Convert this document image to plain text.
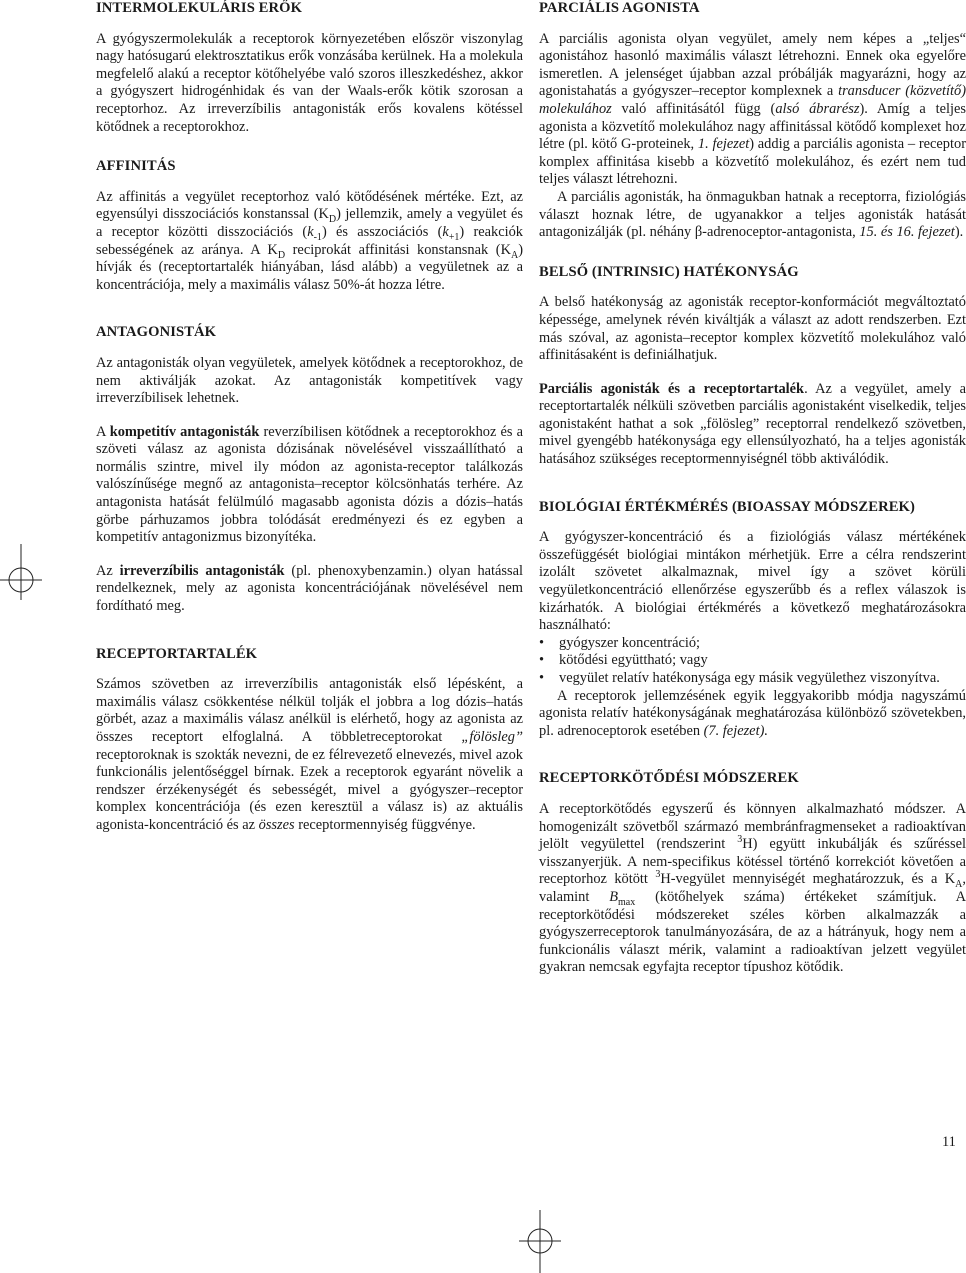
INTERMOLEKULÁRIS ERŐK

A gyógyszermolekulák a receptorok környezetében először viszonylag nagy hatósugarú elektrosztatikus erők vonzásába kerülnek. Ha a molekula megfelelő alakú a receptor kötőhelyébe való szoros illeszkedéshez, akkor a gyógyszert hidrogénhidak és van der Waals-erők kötik szorosan a receptorhoz. Az irreverzíbilis antagonisták erős kovalens kötéssel kötődnek a receptorokhoz.

AFFINITÁS

Az affinitás a vegyület receptorhoz való kötődésének mértéke. Ezt, az egyensúlyi disszociációs konstanssal $(K_D)$ jellemzik, amely a vegyület és a receptor közötti disszociációs $(k_{-1})$ és asszociációs $(k_{+1})$ reakciók sebességének az aránya. A $K_D$ reciprokát affinitási konstansnak $(K_A)$ hívják és (receptortartalék hiányában, lásd alább) a vegyületnek az a koncentrációja, mely a maximális válasz 50%-át hozza létre.

ANTAGONISTÁK

Az antagonisták olyan vegyületek, amelyek kötődnek a receptorokhoz, de nem aktiválják azokat. Az antagonisták kompetitívek vagy irreverzíbilisek lehetnek.

A kompetitív antagonisták reverzíbilisen kötődnek a receptorokhoz és a szöveti válasz az agonista dózisának növelésével visszaállítható a normális szintre, mivel ily módon az agonista-receptor találkozás valószínűsége megnő az antagonista–receptor kölcsönhatás terhére. Az antagonista hatását felülmúló magasabb agonista dózis a dózis–hatás görbe párhuzamos jobbra tolódását eredményezi és ez egyben a kompetitív antagonizmus bizonyítéka.

Az irreverzíbilis antagonisták (pl. phenoxybenzamin.) olyan hatással rendelkeznek, mely az agonista koncentrációjának növelésével nem fordítható meg.

RECEPTORTARTALÉK

Számos szövetben az irreverzíbilis antagonisták első lépésként, a maximális válasz csökkentése nélkül tolják el jobbra a log dózis–hatás görbét, azaz a maximális válasz anélkül is elérhető, hogy az agonista az összes receptort elfoglalná. A többletreceptorokat „fölösleg” receptoroknak is szokták nevezni, de ez félrevezető elnevezés, mivel azok funkcionális jelentőséggel bírnak. Ezek a receptorok egyaránt növelik a rendszer érzékenységét és sebességét, mivel a gyógyszer–receptor komplex koncentrációja (és ezen keresztül a válasz is) az aktuális agonista-koncentráció és az összes receptormennyiség függvénye.

PARCIÁLIS AGONISTA

A parciális agonista olyan vegyület, amely nem képes a „teljes“ agonistához hasonló maximális választ létrehozni. Ennek oka egyelőre ismeretlen. A jelenséget újabban azzal próbálják magyarázni, hogy az agonistahatás a gyógyszer–receptor komplexnek a transducer (közvetítő) molekulához való affinitásától függ (alsó ábrarész). Amíg a teljes agonista a közvetítő molekulához nagy affinitással kötődő komplexet hoz létre (pl. kötő G-proteinek, 1. fejezet) addig a parciális agonista – receptor komplex affinitása kisebb a közvetítő molekulához, és ezért nem tud teljes választ létrehozni.

A parciális agonisták, ha önmagukban hatnak a receptorra, fiziológiás választ hoznak létre, de ugyanakkor a teljes agonisták hatását antagonizálják (pl. néhány β-adrenoceptor-antagonista, 15. és 16. fejezet).

BELSŐ (INTRINSIC) HATÉKONYSÁG

A belső hatékonyság az agonisták receptor-konformációt megváltoztató képessége, amelynek révén kiváltják a választ az adott rendszerben. Ezt más szóval, az agonista–receptor komplex közvetítő molekulához való affinitásaként is definiálhatjuk.

Parciális agonisták és a receptortartalék. Az a vegyület, amely a receptortartalék nélküli szövetben parciális agonistaként viselkedik, teljes agonistaként hathat a sok „fölösleg” receptorral rendelkező szövetben, mivel gyengébb hatékonysága egy ellensúlyozható, ha a teljes agonisták hatásához szükséges receptormennyiségnél több aktiválódik.

BIOLÓGIAI ÉRTÉKMÉRÉS (BIOASSAY MÓDSZEREK)

A gyógyszer-koncentráció és a fiziológiás válasz mértékének összefüggését biológiai mintákon mérhetjük. Erre a célra rendszerint izolált szövetet alkalmaznak, mivel így a szövet körüli vegyületkoncentráció ellenőrzése egyszerűbb és a reflex válaszok is kizárhatók. A biológiai értékmérés a következő meghatározásokra használható:

• gyógyszer koncentráció;
• kötődési együttható; vagy
• vegyület relatív hatékonysága egy másik vegyülethez viszonyítva.

A receptorok jellemzésének egyik leggyakoribb módja nagyszámú agonista relatív hatékonyságának meghatározása különböző szövetekben, pl. adrenoceptorok esetében (7. fejezet).

RECEPTORKÖTŐDÉSI MÓDSZEREK

A receptorkötődés egyszerű és könnyen alkalmazható módszer. A homogenizált szövetből származó membránfragmenseket a radioaktívan jelölt vegyülettel (rendszerint $^3$H) együtt inkubálják és szűréssel visszanyerjük. A nem-specifikus kötéssel történő korrekciót követően a receptorhoz kötött $^3$H-vegyület mennyiségét meghatározzuk, és a $K_A$, valamint $B_{max}$ (kötőhelyek száma) értékeket számítjuk. A receptorkötődési módszereket széles körben alkalmazzák a gyógyszerreceptorok tanulmányozására, de az a hátrányuk, hogy nem a funkcionális választ mérik, valamint a radioaktívan jelzett vegyület gyakran nemcsak egyfajta receptor típushoz kötődik.

11
